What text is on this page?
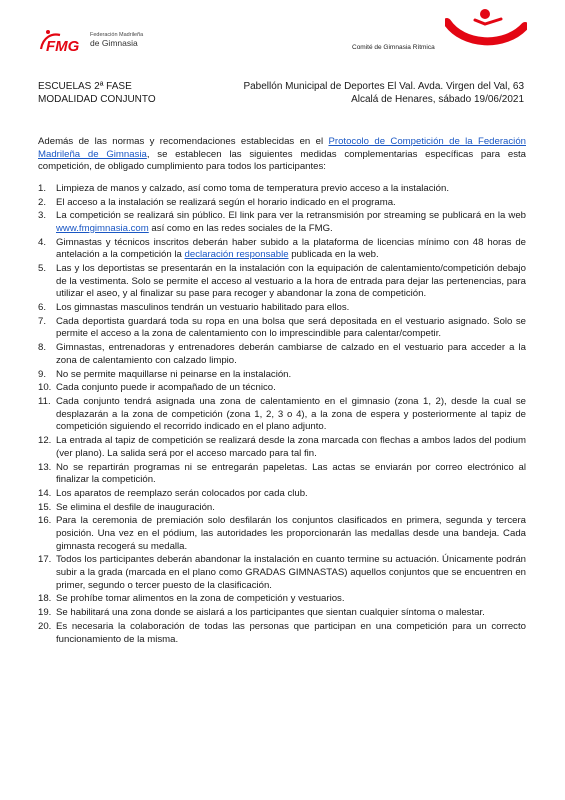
FMG
Federación Madrileña
de Gimnasia	Comité de Gimnasia Rítmica
ESCUELAS 2ª FASE
MODALIDAD CONJUNTO
Pabellón Municipal de Deportes El Val. Avda. Virgen del Val, 63
Alcalá de Henares, sábado 19/06/2021

Además de las normas y recomendaciones establecidas en el Protocolo de Competición de la Federación Madrileña de Gimnasia, se establecen las siguientes medidas complementarias específicas para esta competición, de obligado cumplimiento para todos los participantes:

1. Limpieza de manos y calzado, así como toma de temperatura previo acceso a la instalación.
2. El acceso a la instalación se realizará según el horario indicado en el programa.
3. La competición se realizará sin público. El link para ver la retransmisión por streaming se publicará en la web www.fmgimnasia.com así como en las redes sociales de la FMG.
4. Gimnastas y técnicos inscritos deberán haber subido a la plataforma de licencias mínimo con 48 horas de antelación a la competición la declaración responsable publicada en la web.
5. Las y los deportistas se presentarán en la instalación con la equipación de calentamiento/competición debajo de la vestimenta. Solo se permite el acceso al vestuario a la hora de entrada para dejar las pertenencias, para utilizar el aseo, y al finalizar su pase para recoger y abandonar la zona de competición.
6. Los gimnastas masculinos tendrán un vestuario habilitado para ellos.
7. Cada deportista guardará toda su ropa en una bolsa que será depositada en el vestuario asignado. Solo se permite el acceso a la zona de calentamiento con lo imprescindible para calentar/competir.
8. Gimnastas, entrenadoras y entrenadores deberán cambiarse de calzado en el vestuario para acceder a la zona de calentamiento con calzado limpio.
9. No se permite maquillarse ni peinarse en la instalación.
10. Cada conjunto puede ir acompañado de un técnico.
11. Cada conjunto tendrá asignada una zona de calentamiento en el gimnasio (zona 1, 2), desde la cual se desplazarán a la zona de competición (zona 1, 2, 3 o 4), a la zona de espera y posteriormente al tapiz de competición siguiendo el recorrido indicado en el plano adjunto.
12. La entrada al tapiz de competición se realizará desde la zona marcada con flechas a ambos lados del podium (ver plano). La salida será por el acceso marcado para tal fin.
13. No se repartirán programas ni se entregarán papeletas. Las actas se enviarán por correo electrónico al finalizar la competición.
14. Los aparatos de reemplazo serán colocados por cada club.
15. Se elimina el desfile de inauguración.
16. Para la ceremonia de premiación solo desfilarán los conjuntos clasificados en primera, segunda y tercera posición. Una vez en el pódium, las autoridades les proporcionarán las medallas desde una bandeja. Cada gimnasta recogerá su medalla.
17. Todos los participantes deberán abandonar la instalación en cuanto termine su actuación. Únicamente podrán subir a la grada (marcada en el plano como GRADAS GIMNASTAS) aquellos conjuntos que se encuentren en primer, segundo o tercer puesto de la clasificación.
18. Se prohíbe tomar alimentos en la zona de competición y vestuarios.
19. Se habilitará una zona donde se aislará a los participantes que sientan cualquier síntoma o malestar.
20. Es necesaria la colaboración de todas las personas que participan en una competición para un correcto funcionamiento de la misma.
